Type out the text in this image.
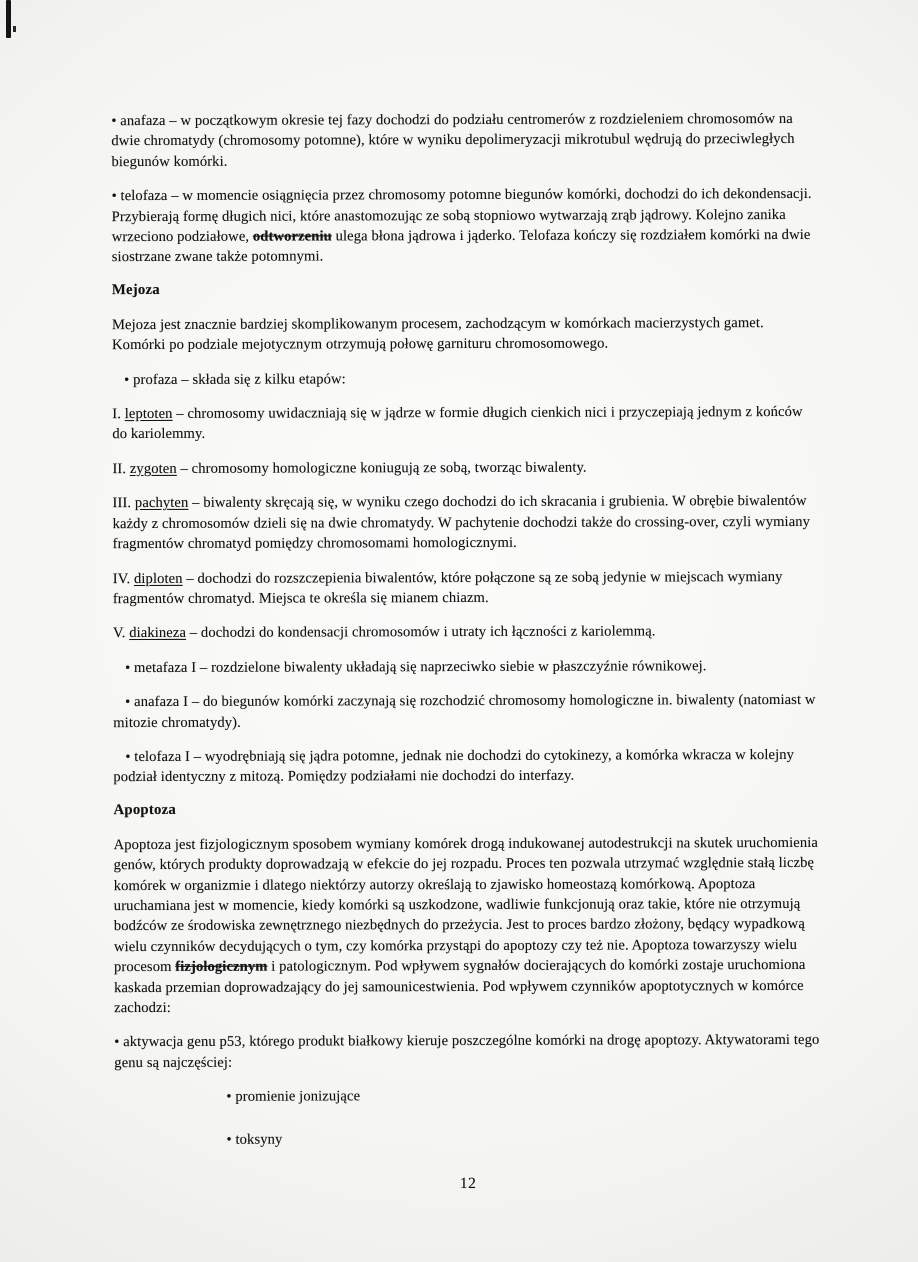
• anafaza – w początkowym okresie tej fazy dochodzi do podziału centromerów z rozdzieleniem chromosomów na dwie chromatydy (chromosomy potomne), które w wyniku depolimeryzacji mikrotubul wędrują do przeciwległych biegunów komórki.

• telofaza – w momencie osiągnięcia przez chromosomy potomne biegunów komórki, dochodzi do ich dekondensacji. Przybierają formę długich nici, które anastomozując ze sobą stopniowo wytwarzają zrąb jądrowy. Kolejno zanika wrzeciono podziałowe, odtworzeniu ulega błona jądrowa i jąderko. Telofaza kończy się rozdziałem komórki na dwie siostrzane zwane także potomnymi.

Mejoza

Mejoza jest znacznie bardziej skomplikowanym procesem, zachodzącym w komórkach macierzystych gamet. Komórki po podziale mejotycznym otrzymują połowę garnituru chromosomowego.

• profaza – składa się z kilku etapów:

I. leptoten – chromosomy uwidaczniają się w jądrze w formie długich cienkich nici i przyczepiają jednym z końców do kariolemmy.

II. zygoten – chromosomy homologiczne koniugują ze sobą, tworząc biwalenty.

III. pachyten – biwalenty skręcają się, w wyniku czego dochodzi do ich skracania i grubienia. W obrębie biwalentów każdy z chromosomów dzieli się na dwie chromatydy. W pachytenie dochodzi także do crossing-over, czyli wymiany fragmentów chromatyd pomiędzy chromosomami homologicznymi.

IV. diploten – dochodzi do rozszczepienia biwalentów, które połączone są ze sobą jedynie w miejscach wymiany fragmentów chromatyd. Miejsca te określa się mianem chiazm.

V. diakineza – dochodzi do kondensacji chromosomów i utraty ich łączności z kariolemmą.

• metafaza I – rozdzielone biwalenty układają się naprzeciwko siebie w płaszczyźnie równikowej.

• anafaza I – do biegunów komórki zaczynają się rozchodzić chromosomy homologiczne in. biwalenty (natomiast w mitozie chromatydy).

• telofaza I – wyodrębniają się jądra potomne, jednak nie dochodzi do cytokinezy, a komórka wkracza w kolejny podział identyczny z mitozą. Pomiędzy podziałami nie dochodzi do interfazy.

Apoptoza

Apoptoza jest fizjologicznym sposobem wymiany komórek drogą indukowanej autodestrukcji na skutek uruchomienia genów, których produkty doprowadzają w efekcie do jej rozpadu. Proces ten pozwala utrzymać względnie stałą liczbę komórek w organizmie i dlatego niektórzy autorzy określają to zjawisko homeostazą komórkową. Apoptoza uruchamiana jest w momencie, kiedy komórki są uszkodzone, wadliwie funkcjonują oraz takie, które nie otrzymują bodźców ze środowiska zewnętrznego niezbędnych do przeżycia. Jest to proces bardzo złożony, będący wypadkową wielu czynników decydujących o tym, czy komórka przystąpi do apoptozy czy też nie. Apoptoza towarzyszy wielu procesom fizjologicznym i patologicznym. Pod wpływem sygnałów docierających do komórki zostaje uruchomiona kaskada przemian doprowadzający do jej samounicestwienia. Pod wpływem czynników apoptotycznych w komórce zachodzi:

• aktywacja genu p53, którego produkt białkowy kieruje poszczególne komórki na drogę apoptozy. Aktywatorami tego genu są najczęściej:

• promienie jonizujące

• toksyny

12
